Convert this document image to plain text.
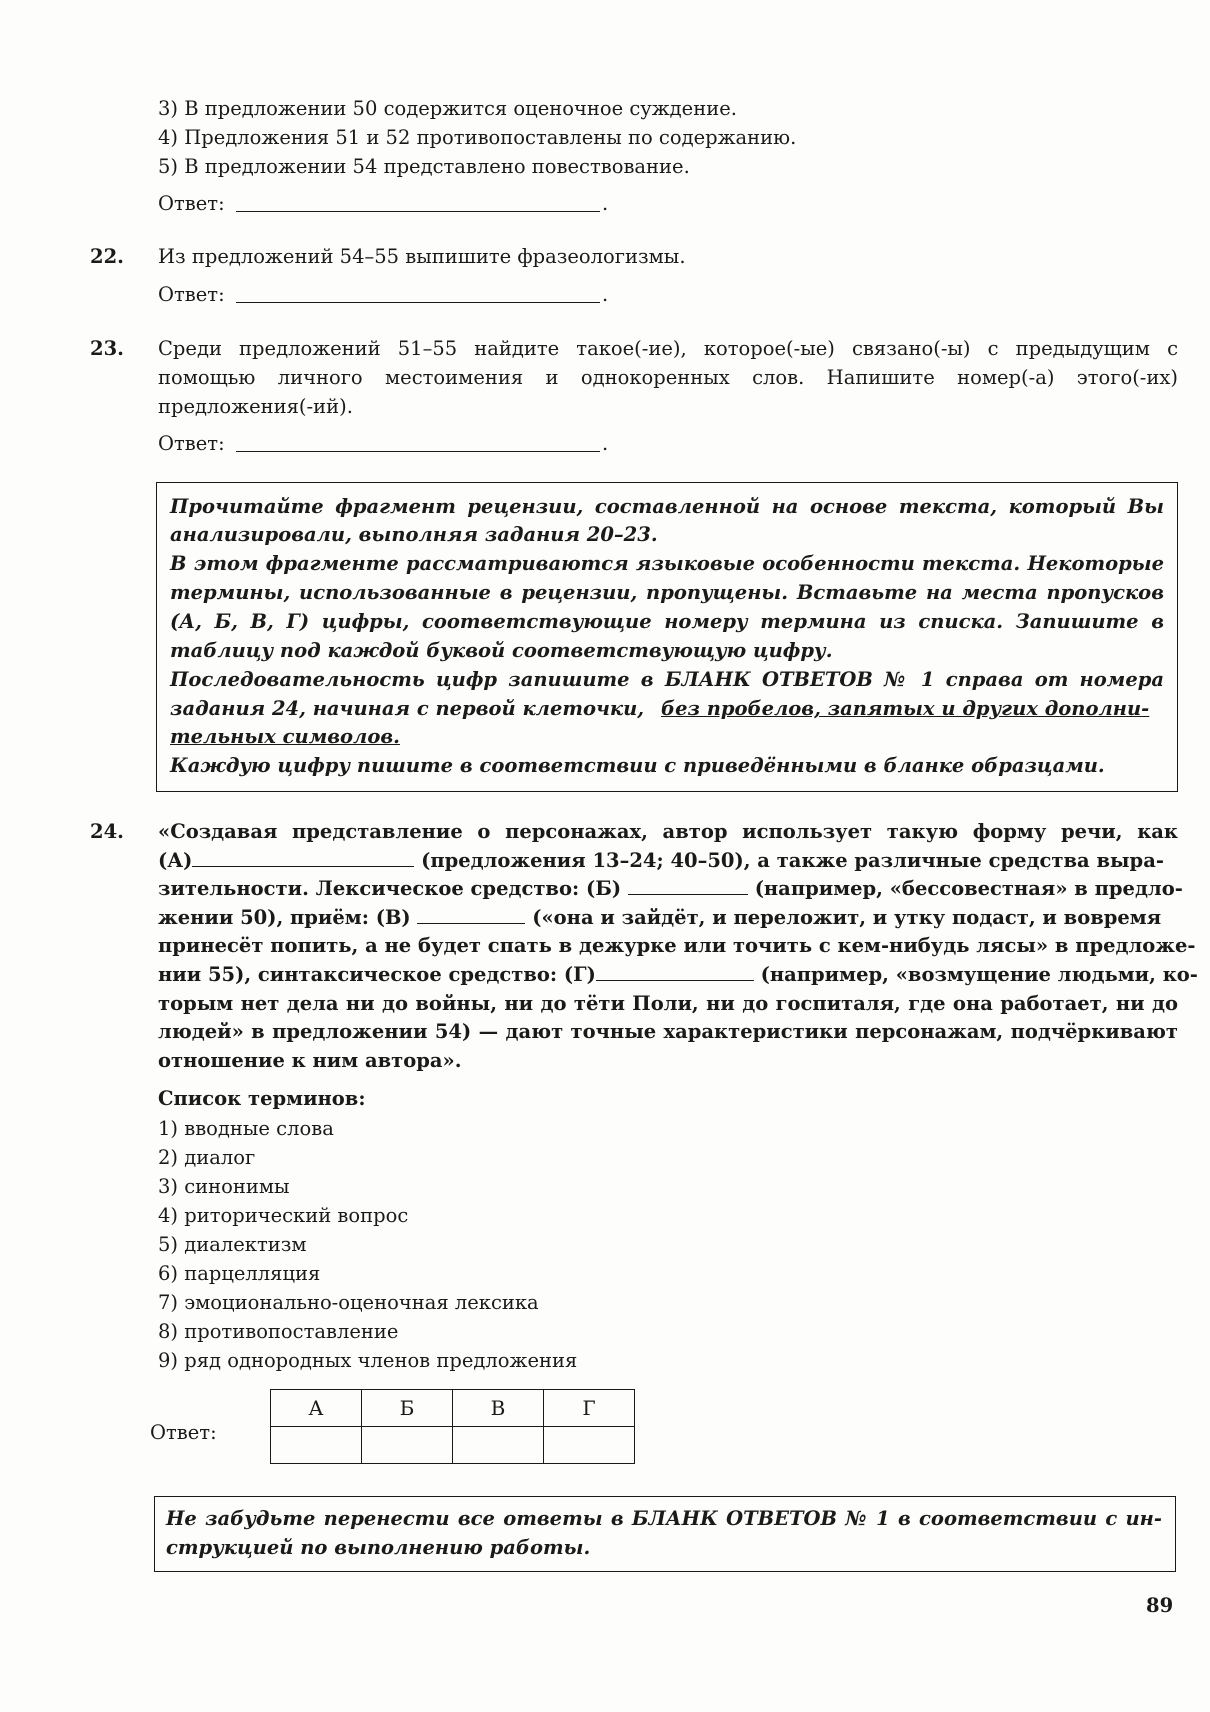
3) В предложении 50 содержится оценочное суждение.
4) Предложения 51 и 52 противопоставлены по содержанию.
5) В предложении 54 представлено повествование.
Ответ:	.
22. Из предложений 54–55 выпишите фразеологизмы.
Ответ:	.
23. Среди предложений 51–55 найдите такое(-ие), которое(-ые) связано(-ы) с предыдущим с
помощью личного местоимения и однокоренных слов. Напишите номер(-а) этого(-их)
предложения(-ий).
Ответ:	.
Прочитайте фрагмент рецензии, составленной на основе текста, который Вы
анализировали, выполняя задания 20–23.
В этом фрагменте рассматриваются языковые особенности текста. Некоторые
термины, использованные в рецензии, пропущены. Вставьте на места пропусков
(А, Б, В, Г) цифры, соответствующие номеру термина из списка. Запишите в
таблицу под каждой буквой соответствующую цифру.
Последовательность цифр запишите в БЛАНК ОТВЕТОВ № 1 справа от номера
задания 24, начиная с первой клеточки, без пробелов, запятых и других дополни-
тельных символов.
Каждую цифру пишите в соответствии с приведёнными в бланке образцами.
24. «Создавая представление о персонажах, автор использует такую форму речи, как
(А)	(предложения 13–24; 40–50), а также различные средства выра-
зительности. Лексическое средство: (Б)	(например, «бессовестная» в предло-
жении 50), приём: (В)	(«она и зайдёт, и переложит, и утку подаст, и вовремя
принесёт попить, а не будет спать в дежурке или точить с кем-нибудь лясы» в предложе-
нии 55), синтаксическое средство: (Г)	(например, «возмущение людьми, ко-
торым нет дела ни до войны, ни до тёти Поли, ни до госпиталя, где она работает, ни до
людей» в предложении 54) — дают точные характеристики персонажам, подчёркивают
отношение к ним автора».
Список терминов:
1) вводные слова
2) диалог
3) синонимы
4) риторический вопрос
5) диалектизм
6) парцелляция
7) эмоционально-оценочная лексика
8) противопоставление
9) ряд однородных членов предложения
Ответ:
А	Б	В	Г

Не забудьте перенести все ответы в БЛАНК ОТВЕТОВ № 1 в соответствии с ин-
струкцией по выполнению работы.
89
